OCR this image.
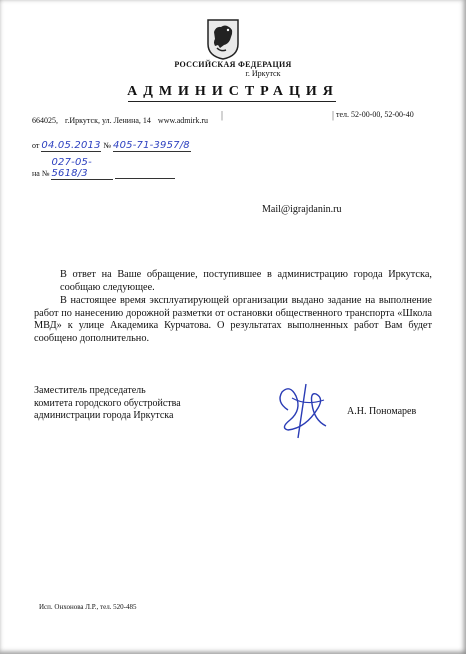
РОССИЙСКАЯ ФЕДЕРАЦИЯ
г. Иркутск
АДМИНИСТРАЦИЯ
664025, г.Иркутск, ул. Ленина, 14 www.admirk.ru	|	| тел. 52-00-00, 52-00-40
от 04.05.2013 № 405-71-3957/8
на № 027-05-5618/3
Mail@igrajdanin.ru
В ответ на Ваше обращение, поступившее в администрацию города Иркутска, сообщаю следующее.
В настоящее время эксплуатирующей организации выдано задание на выполнение работ по нанесению дорожной разметки от остановки общественного транспорта «Школа МВД» к улице Академика Курчатова. О результатах выполненных работ Вам будет сообщено дополнительно.
Заместитель председатель
комитета городского обустройства
администрации города Иркутска	А.Н. Пономарев
Исп. Онхонова Л.Р., тел. 520-485
